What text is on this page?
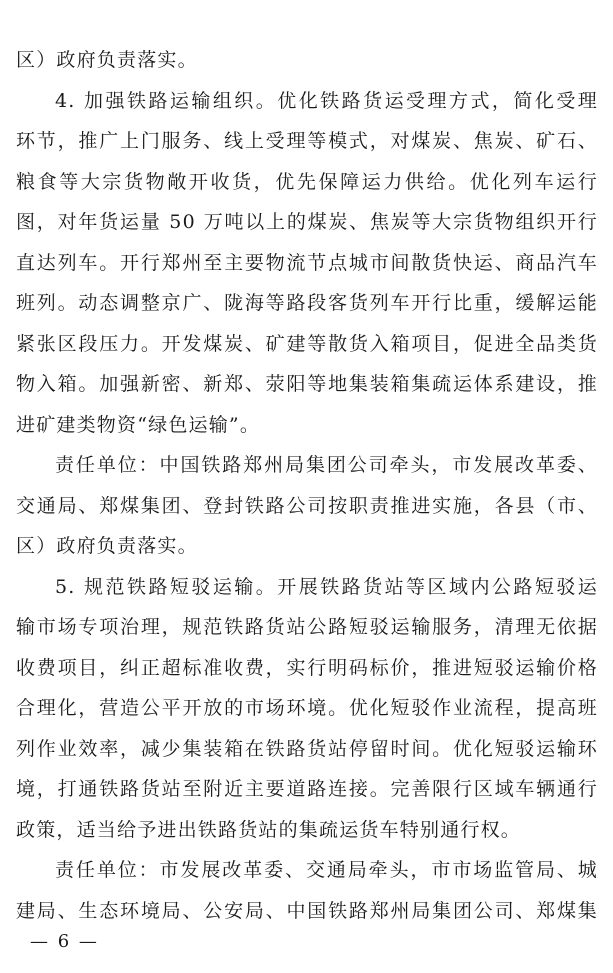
区）政府负责落实。
4. 加强铁路运输组织。优化铁路货运受理方式，简化受理
环节，推广上门服务、线上受理等模式，对煤炭、焦炭、矿石、
粮食等大宗货物敞开收货，优先保障运力供给。优化列车运行
图，对年货运量 50 万吨以上的煤炭、焦炭等大宗货物组织开行
直达列车。开行郑州至主要物流节点城市间散货快运、商品汽车
班列。动态调整京广、陇海等路段客货列车开行比重，缓解运能
紧张区段压力。开发煤炭、矿建等散货入箱项目，促进全品类货
物入箱。加强新密、新郑、荥阳等地集装箱集疏运体系建设，推
进矿建类物资“绿色运输”。
责任单位：中国铁路郑州局集团公司牵头，市发展改革委、
交通局、郑煤集团、登封铁路公司按职责推进实施，各县（市、
区）政府负责落实。
5. 规范铁路短驳运输。开展铁路货站等区域内公路短驳运
输市场专项治理，规范铁路货站公路短驳运输服务，清理无依据
收费项目，纠正超标准收费，实行明码标价，推进短驳运输价格
合理化，营造公平开放的市场环境。优化短驳作业流程，提高班
列作业效率，减少集装箱在铁路货站停留时间。优化短驳运输环
境，打通铁路货站至附近主要道路连接。完善限行区域车辆通行
政策，适当给予进出铁路货站的集疏运货车特别通行权。
责任单位：市发展改革委、交通局牵头，市市场监管局、城
建局、生态环境局、公安局、中国铁路郑州局集团公司、郑煤集
— 6 —
